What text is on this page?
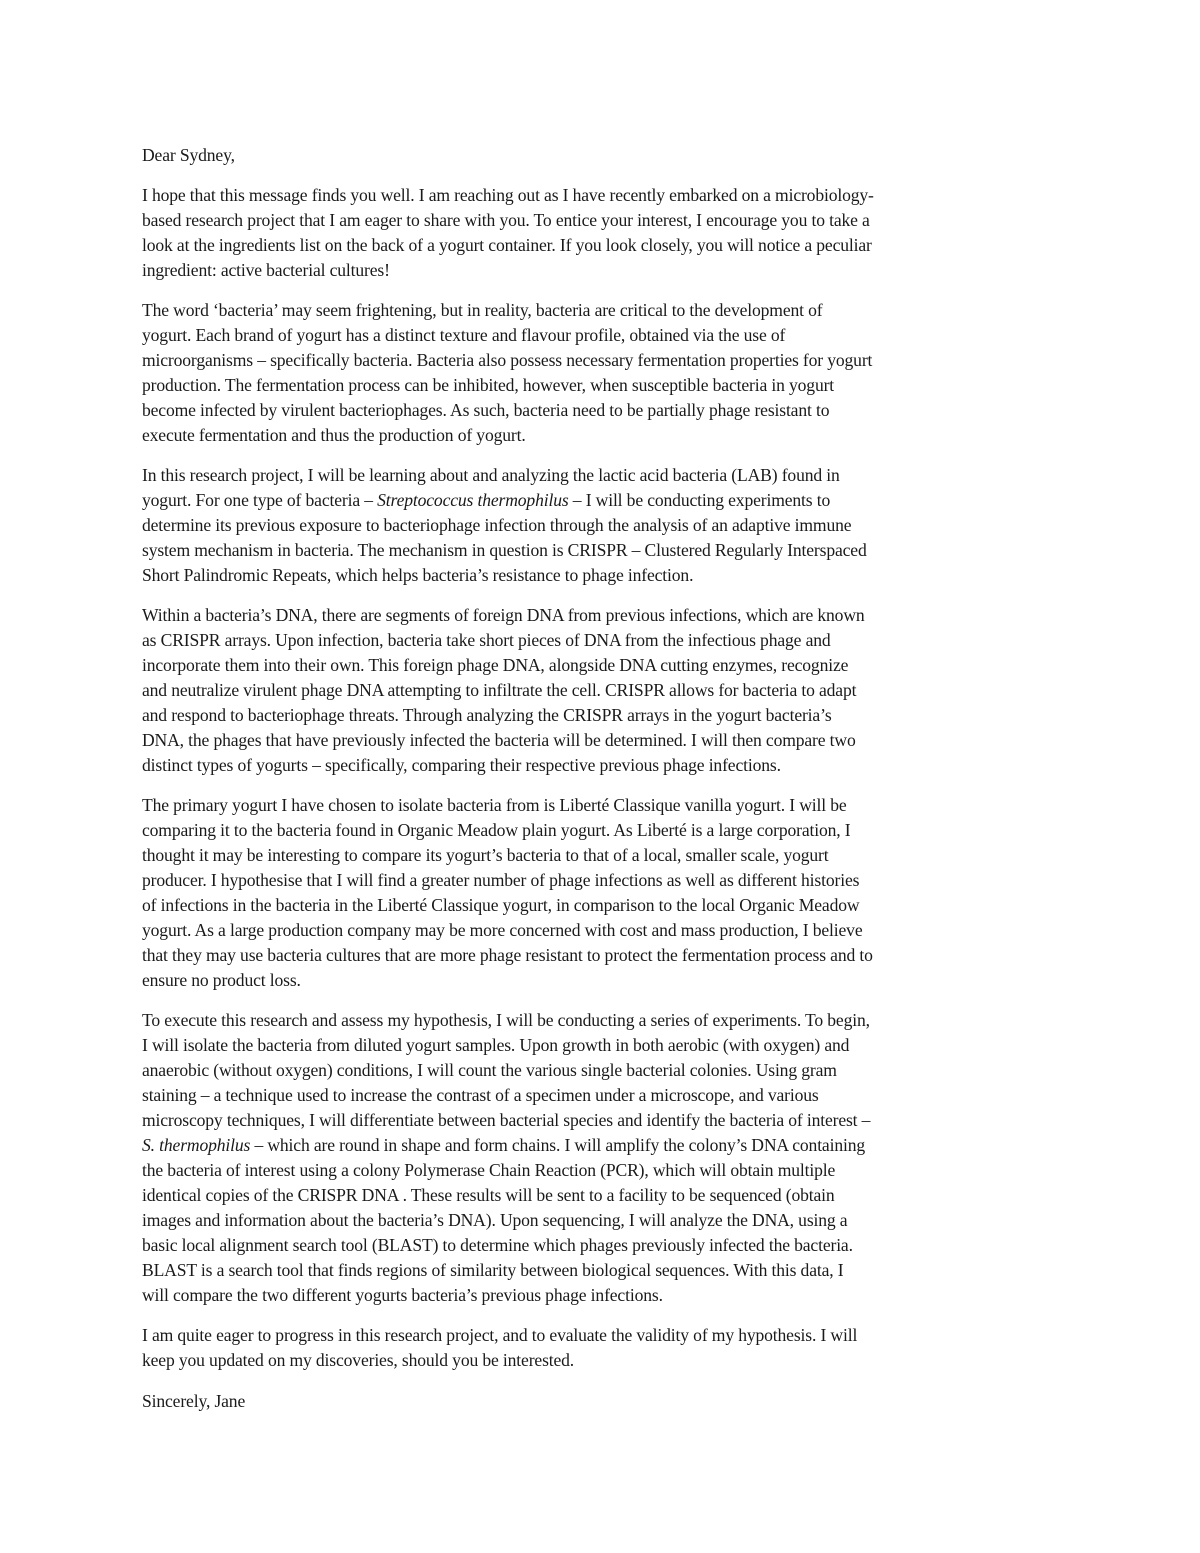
Dear Sydney,
I hope that this message finds you well. I am reaching out as I have recently embarked on a microbiology-
based research project that I am eager to share with you. To entice your interest, I encourage you to take a
look at the ingredients list on the back of a yogurt container. If you look closely, you will notice a peculiar
ingredient: active bacterial cultures!
The word ‘bacteria’ may seem frightening, but in reality, bacteria are critical to the development of
yogurt. Each brand of yogurt has a distinct texture and flavour profile, obtained via the use of
microorganisms – specifically bacteria. Bacteria also possess necessary fermentation properties for yogurt
production. The fermentation process can be inhibited, however, when susceptible bacteria in yogurt
become infected by virulent bacteriophages. As such, bacteria need to be partially phage resistant to
execute fermentation and thus the production of yogurt.
In this research project, I will be learning about and analyzing the lactic acid bacteria (LAB) found in
yogurt. For one type of bacteria – Streptococcus thermophilus – I will be conducting experiments to
determine its previous exposure to bacteriophage infection through the analysis of an adaptive immune
system mechanism in bacteria. The mechanism in question is CRISPR – Clustered Regularly Interspaced
Short Palindromic Repeats, which helps bacteria’s resistance to phage infection.
Within a bacteria’s DNA, there are segments of foreign DNA from previous infections, which are known
as CRISPR arrays. Upon infection, bacteria take short pieces of DNA from the infectious phage and
incorporate them into their own. This foreign phage DNA, alongside DNA cutting enzymes, recognize
and neutralize virulent phage DNA attempting to infiltrate the cell. CRISPR allows for bacteria to adapt
and respond to bacteriophage threats. Through analyzing the CRISPR arrays in the yogurt bacteria’s
DNA, the phages that have previously infected the bacteria will be determined. I will then compare two
distinct types of yogurts – specifically, comparing their respective previous phage infections.
The primary yogurt I have chosen to isolate bacteria from is Liberté Classique vanilla yogurt. I will be
comparing it to the bacteria found in Organic Meadow plain yogurt. As Liberté is a large corporation, I
thought it may be interesting to compare its yogurt’s bacteria to that of a local, smaller scale, yogurt
producer. I hypothesise that I will find a greater number of phage infections as well as different histories
of infections in the bacteria in the Liberté Classique yogurt, in comparison to the local Organic Meadow
yogurt. As a large production company may be more concerned with cost and mass production, I believe
that they may use bacteria cultures that are more phage resistant to protect the fermentation process and to
ensure no product loss.
To execute this research and assess my hypothesis, I will be conducting a series of experiments. To begin,
I will isolate the bacteria from diluted yogurt samples. Upon growth in both aerobic (with oxygen) and
anaerobic (without oxygen) conditions, I will count the various single bacterial colonies. Using gram
staining – a technique used to increase the contrast of a specimen under a microscope, and various
microscopy techniques, I will differentiate between bacterial species and identify the bacteria of interest –
S. thermophilus – which are round in shape and form chains. I will amplify the colony’s DNA containing
the bacteria of interest using a colony Polymerase Chain Reaction (PCR), which will obtain multiple
identical copies of the CRISPR DNA . These results will be sent to a facility to be sequenced (obtain
images and information about the bacteria’s DNA). Upon sequencing, I will analyze the DNA, using a
basic local alignment search tool (BLAST) to determine which phages previously infected the bacteria.
BLAST is a search tool that finds regions of similarity between biological sequences. With this data, I
will compare the two different yogurts bacteria’s previous phage infections.
I am quite eager to progress in this research project, and to evaluate the validity of my hypothesis. I will
keep you updated on my discoveries, should you be interested.
Sincerely, Jane
